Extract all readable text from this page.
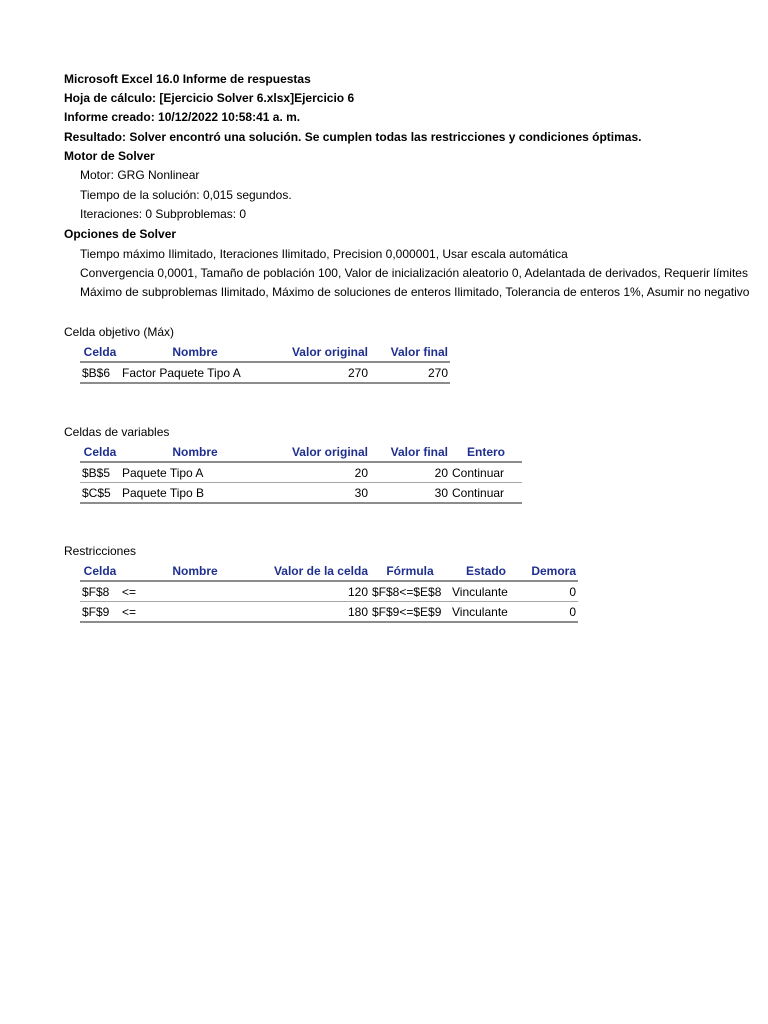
Microsoft Excel 16.0 Informe de respuestas
Hoja de cálculo: [Ejercicio Solver 6.xlsx]Ejercicio 6
Informe creado: 10/12/2022 10:58:41 a. m.
Resultado: Solver encontró una solución. Se cumplen todas las restricciones y condiciones óptimas.
Motor de Solver
Motor: GRG Nonlinear
Tiempo de la solución: 0,015 segundos.
Iteraciones: 0 Subproblemas: 0
Opciones de Solver
Tiempo máximo Ilimitado, Iteraciones Ilimitado, Precision 0,000001, Usar escala automática
Convergencia 0,0001, Tamaño de población 100, Valor de inicialización aleatorio 0, Adelantada de derivados, Requerir límites
Máximo de subproblemas Ilimitado, Máximo de soluciones de enteros Ilimitado, Tolerancia de enteros 1%, Asumir no negativo
Celda objetivo (Máx)
Celda	Nombre	Valor original	Valor final
$B$6	Factor Paquete Tipo A	270	270
Celdas de variables
Celda	Nombre	Valor original	Valor final	Entero
$B$5	Paquete Tipo A	20	20	Continuar
$C$5	Paquete Tipo B	30	30	Continuar
Restricciones
Celda	Nombre	Valor de la celda	Fórmula	Estado	Demora
$F$8	<=	120	$F$8<=$E$8	Vinculante	0
$F$9	<=	180	$F$9<=$E$9	Vinculante	0
